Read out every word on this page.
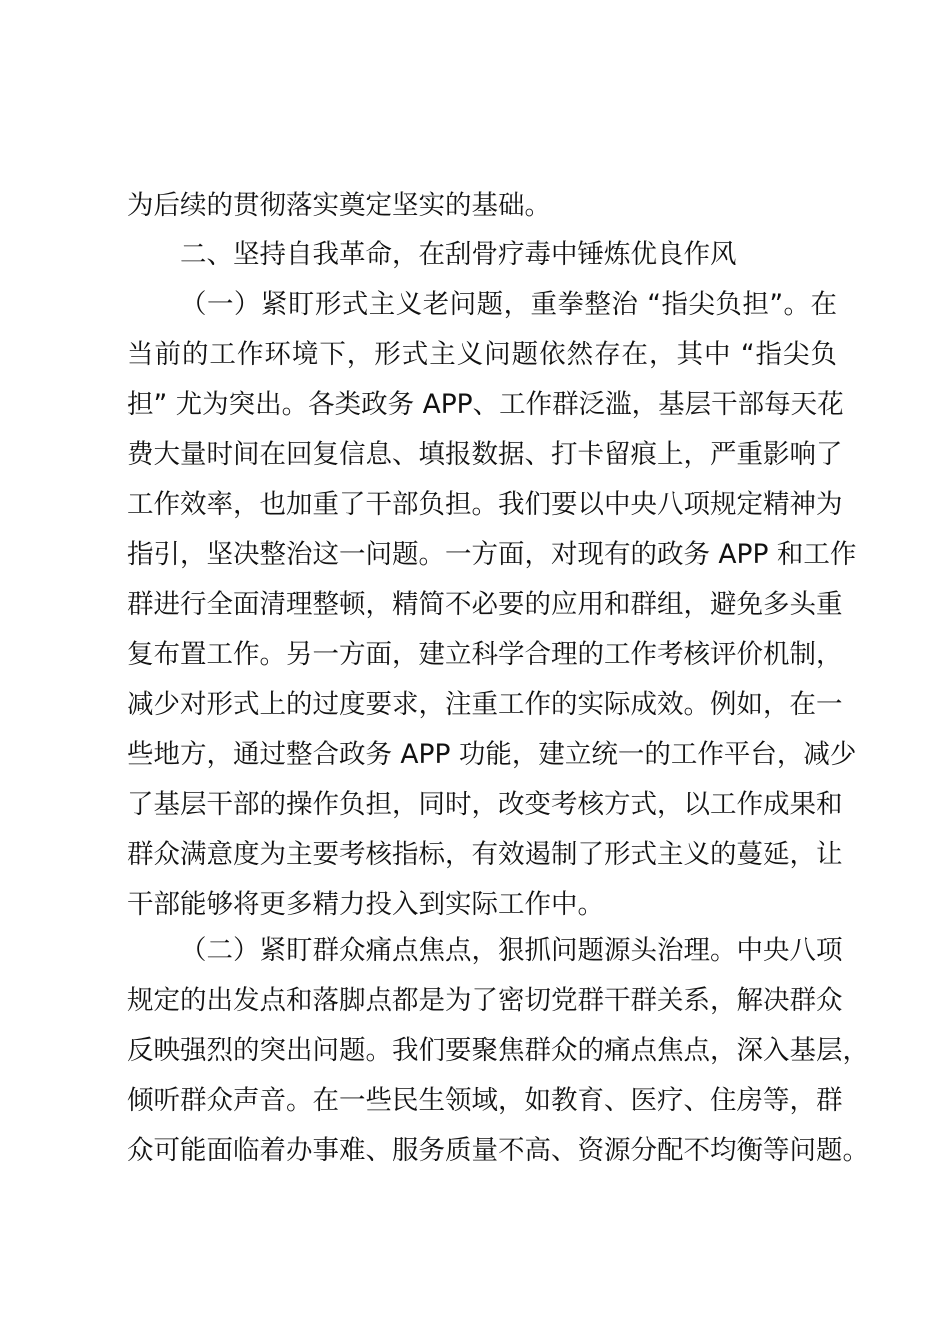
为后续的贯彻落实奠定坚实的基础。

二、坚持自我革命，在刮骨疗毒中锤炼优良作风

（一）紧盯形式主义老问题，重拳整治 “指尖负担”。在

当前的工作环境下，形式主义问题依然存在，其中 “指尖负

担” 尤为突出。各类政务 APP、工作群泛滥，基层干部每天花

费大量时间在回复信息、填报数据、打卡留痕上，严重影响了

工作效率，也加重了干部负担。我们要以中央八项规定精神为

指引，坚决整治这一问题。一方面，对现有的政务 APP 和工作

群进行全面清理整顿，精简不必要的应用和群组，避免多头重

复布置工作。另一方面，建立科学合理的工作考核评价机制，

减少对形式上的过度要求，注重工作的实际成效。例如，在一

些地方，通过整合政务 APP 功能，建立统一的工作平台，减少

了基层干部的操作负担，同时，改变考核方式，以工作成果和

群众满意度为主要考核指标，有效遏制了形式主义的蔓延，让

干部能够将更多精力投入到实际工作中。

（二）紧盯群众痛点焦点，狠抓问题源头治理。中央八项

规定的出发点和落脚点都是为了密切党群干群关系，解决群众

反映强烈的突出问题。我们要聚焦群众的痛点焦点，深入基层，

倾听群众声音。在一些民生领域，如教育、医疗、住房等，群

众可能面临着办事难、服务质量不高、资源分配不均衡等问题。
